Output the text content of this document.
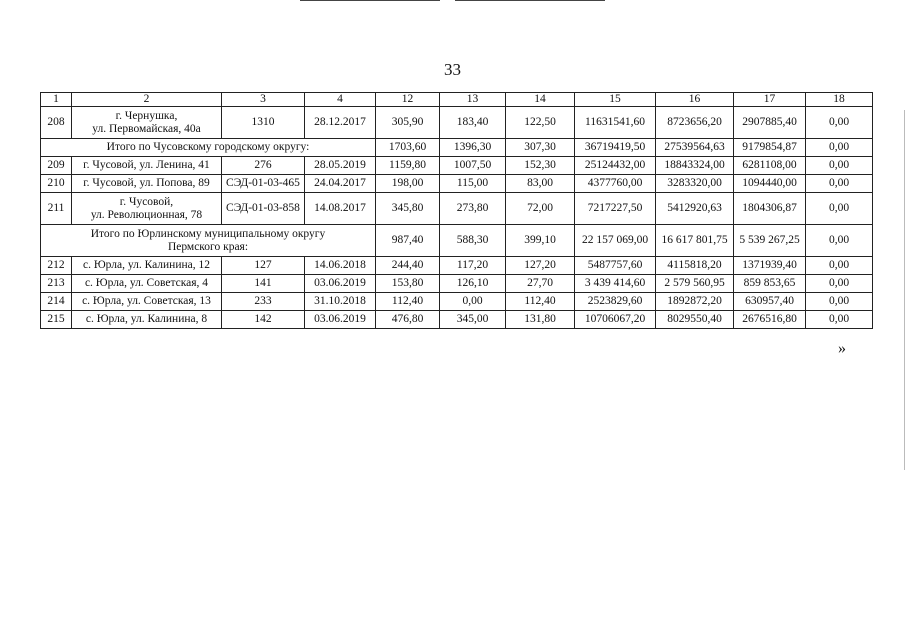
33
1	2	3	4	12	13	14	15	16	17	18
208	г. Чернушка,
ул. Первомайская, 40а	1310	28.12.2017	305,90	183,40	122,50	11631541,60	8723656,20	2907885,40	0,00

Итого по Чусовскому городскому округу:				1703,60	1396,30	307,30	36719419,50	27539564,63	9179854,87	0,00
209	г. Чусовой, ул. Ленина, 41	276	28.05.2019	1159,80	1007,50	152,30	25124432,00	18843324,00	6281108,00	0,00
210	г. Чусовой, ул. Попова, 89	СЭД-01-03-465	24.04.2017	198,00	115,00	83,00	4377760,00	3283320,00	1094440,00	0,00
211	г. Чусовой,
ул. Революционная, 78	СЭД-01-03-858	14.08.2017	345,80	273,80	72,00	7217227,50	5412920,63	1804306,87	0,00

Итого по Юрлинскому муниципальному округу
Пермского края:				987,40	588,30	399,10	22 157 069,00	16 617 801,75	5 539 267,25	0,00
212	с. Юрла, ул. Калинина, 12	127	14.06.2018	244,40	117,20	127,20	5487757,60	4115818,20	1371939,40	0,00
213	с. Юрла, ул. Советская, 4	141	03.06.2019	153,80	126,10	27,70	3 439 414,60	2 579 560,95	859 853,65	0,00
214	с. Юрла, ул. Советская, 13	233	31.10.2018	112,40	0,00	112,40	2523829,60	1892872,20	630957,40	0,00
215	с. Юрла, ул. Калинина, 8	142	03.06.2019	476,80	345,00	131,80	10706067,20	8029550,40	2676516,80	0,00
»
